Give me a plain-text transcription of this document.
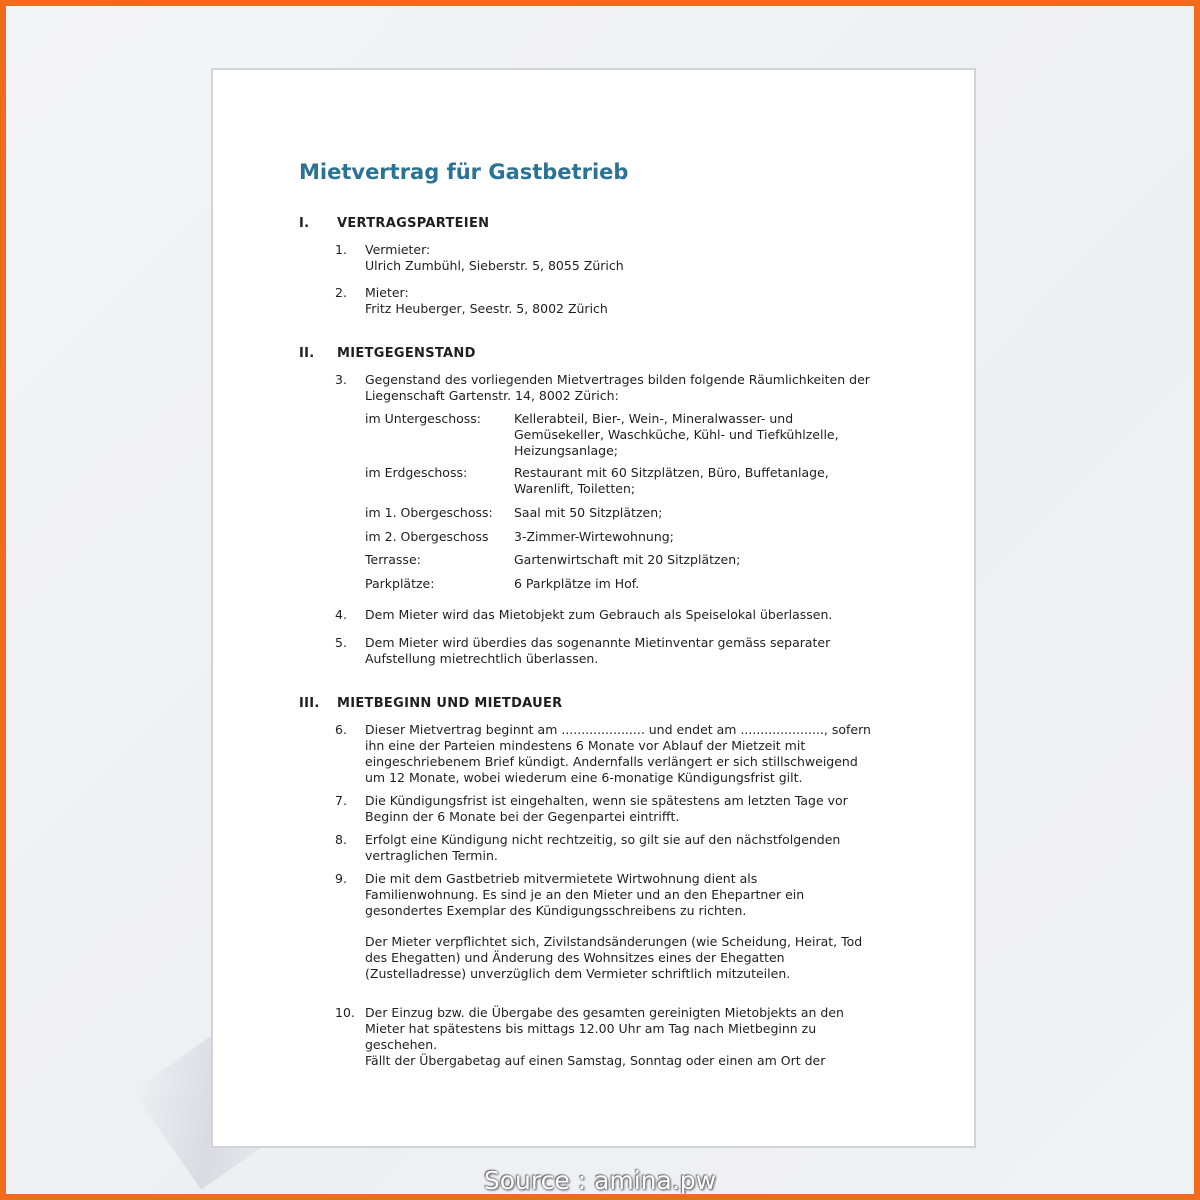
Mietvertrag für Gastbetrieb
I. VERTRAGSPARTEIEN
1. Vermieter:
Ulrich Zumbühl, Sieberstr. 5, 8055 Zürich
2. Mieter:
Fritz Heuberger, Seestr. 5, 8002 Zürich
II. MIETGEGENSTAND
3. Gegenstand des vorliegenden Mietvertrages bilden folgende Räumlichkeiten der
Liegenschaft Gartenstr. 14, 8002 Zürich:
im Untergeschoss:	Kellerabteil, Bier-, Wein-, Mineralwasser- und
Gemüsekeller, Waschküche, Kühl- und Tiefkühlzelle,
Heizungsanlage;
im Erdgeschoss:	Restaurant mit 60 Sitzplätzen, Büro, Buffetanlage,
Warenlift, Toiletten;
im 1. Obergeschoss: Saal mit 50 Sitzplätzen;
im 2. Obergeschoss 3-Zimmer-Wirtewohnung;
Terrasse:	Gartenwirtschaft mit 20 Sitzplätzen;
Parkplätze:	6 Parkplätze im Hof.
4. Dem Mieter wird das Mietobjekt zum Gebrauch als Speiselokal überlassen.
5. Dem Mieter wird überdies das sogenannte Mietinventar gemäss separater
Aufstellung mietrechtlich überlassen.
III. MIETBEGINN UND MIETDAUER
6. Dieser Mietvertrag beginnt am ..................... und endet am ....................., sofern
ihn eine der Parteien mindestens 6 Monate vor Ablauf der Mietzeit mit
eingeschriebenem Brief kündigt. Andernfalls verlängert er sich stillschweigend
um 12 Monate, wobei wiederum eine 6-monatige Kündigungsfrist gilt.
7. Die Kündigungsfrist ist eingehalten, wenn sie spätestens am letzten Tage vor
Beginn der 6 Monate bei der Gegenpartei eintrifft.
8. Erfolgt eine Kündigung nicht rechtzeitig, so gilt sie auf den nächstfolgenden
vertraglichen Termin.
9. Die mit dem Gastbetrieb mitvermietete Wirtwohnung dient als
Familienwohnung. Es sind je an den Mieter und an den Ehepartner ein
gesondertes Exemplar des Kündigungsschreibens zu richten.
Der Mieter verpflichtet sich, Zivilstandsänderungen (wie Scheidung, Heirat, Tod
des Ehegatten) und Änderung des Wohnsitzes eines der Ehegatten
(Zustelladresse) unverzüglich dem Vermieter schriftlich mitzuteilen.
10. Der Einzug bzw. die Übergabe des gesamten gereinigten Mietobjekts an den
Mieter hat spätestens bis mittags 12.00 Uhr am Tag nach Mietbeginn zu
geschehen.
Fällt der Übergabetag auf einen Samstag, Sonntag oder einen am Ort der
Source : amina.pw
